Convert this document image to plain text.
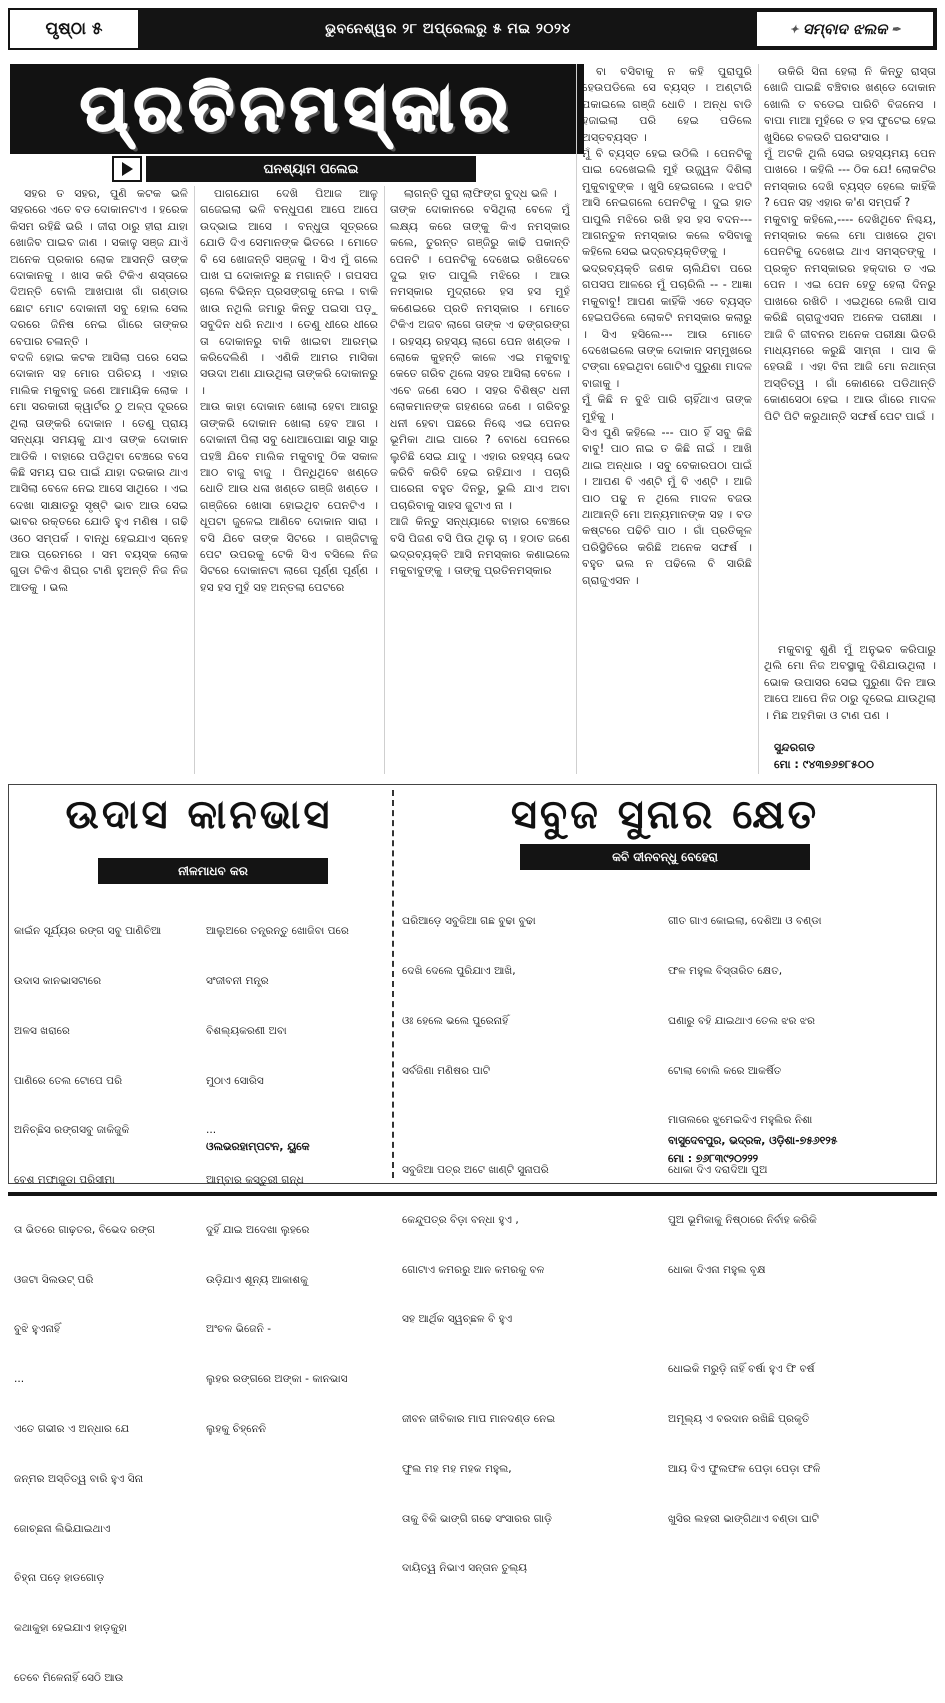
ପୃଷ୍ଠା ୫	ଭୁବନେଶ୍ୱର ୨୮ ଅପ୍ରେଲରୁ ୫ ମଇ ୨୦୨୪	✦ ସମ୍ବାଦ ଝଲକ ✒
ପ୍ରତିନମସ୍କାର
ଘନଶ୍ୟାମ ପଲେଇ

ସହର ତ ସହର, ପୁଣି କଟକ ଭଳି ସହରରେ ଏତେ ବଡ ଦୋକାନଟାଏ । ହରେକ କିସମ ରହିଛି ଭରି । ଜୀରା ଠାରୁ ହୀରା ଯାହା ଖୋଜିବ ପାଇବ ଜାଣ । ସକାଳୁ ସଞ୍ଜ ଯାଏଁ ଅନେକ ପ୍ରକାର ଲୋକ ଆସନ୍ତି ତାଙ୍କ ଦୋକାନକୁ । ଖାସ କରି ଟିକିଏ ଶସ୍ତାରେ ଦିଅନ୍ତି ବୋଲି ଆଖପାଖ ଗାଁ ଗଣ୍ଡାର ଛୋଟ ମୋଟ ଦୋକାନୀ ସବୁ ହୋଲ ସେଲ ଦରରେ ଜିନିଷ ନେଇ ଗାଁରେ ତାଙ୍କର ବେପାର ଚଳାନ୍ତି ।
ବଦଳି ହୋଇ କଟକ ଆସିଲା ପରେ ସେଇ ଦୋକାନ ସହ ମୋର ପରିଚୟ । ଏହାର ମାଲିକ ମକୁବାବୁ ଜଣେ ଆମାୟିକ ଲୋକ । ମୋ ସରକାରୀ କ୍ୱାର୍ଟର ଠୁ ଅଳ୍ପ ଦୂରରେ ଥିଲା ତାଙ୍କରି ଦୋକାନ । ତେଣୁ ପ୍ରାୟ ସନ୍ଧ୍ୟା ସମୟକୁ ଯାଏ ତାଙ୍କ ଦୋକାନ ଆଡିକି । ବାହାରେ ପଡିଥିବା ବେଞ୍ଚରେ ବସେ କିଛି ସମୟ ଘର ପାଇଁ ଯାହା ଦରକାର ଥାଏ ଆସିଲା ବେଳେ ନେଇ ଆସେ ସାଥିରେ । ଏଇ ଦେଖା ସାକ୍ଷାତରୁ ସୃଷ୍ଟି ଭାବ ଆଉ ସେଇ ଭାବର ରକ୍ତରେ ଯୋଡି ହୁଏ ମଣିଷ । ଗଢି ଓଠେ ସମ୍ପର୍କ । ବାନ୍ଧି ହେଇଯାଏ ସ୍ନେହ ଆଉ ପ୍ରେମରେ । ସମ ବୟସ୍କ ଲୋକ ଗୁଡା ଟିକିଏ ଶିଘ୍ର ଟାଣି ହୁଅନ୍ତି ନିଜ ନିଜ ଆଡକୁ । ଭଲ

ପାଗଯୋଗ ଦେଖି ପିଆଜ ଆଳୁ ଗଜେଇଲା ଭଳି ବନ୍ଧୁପଣ ଆପେ ଆପେ ଉଦ୍ଭାଇ ଆସେ । ବନ୍ଧୁତା ସୂତ୍ରରେ ଯୋଡି ଦିଏ ସେମାନଙ୍କ ଭିତରେ । ମୋତେ ବି ସେ ଖୋଜନ୍ତି ସଞ୍ଜକୁ । ସିଏ ମୁଁ ଗଲେ ପାଖ ଘ ଦୋକାନରୁ ଛ ମଗାନ୍ତି । ଗପସପ ଚାଲେ ବିଭିନ୍ନ ପ୍ରସଙ୍ଗକୁ ନେଇ । ବାକି ଖାଉ ନଥିଲି ଜମାରୁ କିନ୍ତୁ ପଇସା ପଡ଼ୁ ସବୁଦିନ ଧରି ନଥାଏ । ତେଣୁ ଧୀରେ ଧୀରେ ତା ଦୋକାନରୁ ବାକି ଖାଇବା ଆରମ୍ଭ କରିଦେଲିଣି । ଏଣିକି ଆମର ମାସିକା ସଉଦା ଅଣା ଯାଉଥିଲା ତାଙ୍କରି ଦୋକାନରୁ ।
ଆଉ କାହା ଦୋକାନ ଖୋଲା ହେବା ଆଗରୁ ତାଙ୍କରି ଦୋକାନ ଖୋଲା ହେବ ଆଗ । ଦୋକାନୀ ପିଲା ସବୁ ଧୋଆପୋଛା ସାରୁ ସାରୁ ପହଞ୍ଚି ଯିବେ ମାଲିକ ମକୁବାବୁ ଠିକ ସକାଳ ଆଠ ବାଜୁ ବାଜୁ । ପିନ୍ଧିଥିବେ ଖଣ୍ଡେ ଧୋତି ଆଉ ଧଳା ଖଣ୍ଡେ ଗଞ୍ଜି ଖଣ୍ଡେ । ଗଞ୍ଜିରେ ଖୋସା ହୋଇଥିବ ପେନଟିଏ । ଧୂପଟା ଜୁଳେଇ ଆଣିବେ ଦୋକାନ ସାରା । ବସି ଯିବେ ତାଙ୍କ ସିଟରେ । ଗଞ୍ଜିଟାକୁ ପେଟ ଉପରକୁ ଟେକି ସିଏ ବସିଲେ ନିଜ ସିଟରେ ଦୋକାନଟା ଲାଗେ ପୂର୍ଣ୍ଣ ପୂର୍ଣ୍ଣ । ହସ ହସ ମୁହଁ ସହ ଅନ୍ତଲା ପେଟରେ

ଲାଗନ୍ତି ପୁରା ଲାଫିଙ୍ଗ ବୁଦ୍ଧ ଭଳି ।
ତାଙ୍କ ଦୋକାନରେ ବସିଥିଲା ବେଳେ ମୁଁ ଲକ୍ଷ୍ୟ କରେ ତାଙ୍କୁ କିଏ ନମସ୍କାର କଲେ, ତୁରନ୍ତ ଗଞ୍ଜିରୁ କାଢି ପକାନ୍ତି ପେନଟି । ପେନଟିକୁ ଦେଖେଇ ରଖିଦେବେ ଦୁଇ ହାତ ପାପୁଲି ମଝିରେ । ଆଉ ନମସ୍କାର ମୁଦ୍ରାରେ ହସ ହସ ମୁହଁ କଣେଇରେ ପ୍ରତି ନମସ୍କାର । ମୋତେ ଟିକିଏ ଅଜବ ଲାଗେ ତାଙ୍କ ଏ ଢଙ୍ଗରଙ୍ଗ । ରହସ୍ୟ ରହସ୍ୟ ଲାଗେ ପେନ ଖଣ୍ଡକ । ଲୋକେ କୁହନ୍ତି କାଳେ ଏଇ ମକୁବାବୁ କେତେ ଗରିବ ଥିଲେ ସହର ଆସିଲା ବେଳେ । ଏବେ ଜଣେ ସେଠ । ସହର ବିଶିଷ୍ଟ ଧନୀ ଲୋକମାନଙ୍କ ଗହଣରେ ଜଣେ । ଗରିବରୁ ଧନୀ ହେବା ପଛରେ ନିଶ୍ଚେ ଏଇ ପେନର ଭୂମିକା ଥାଇ ପାରେ ? ବୋଧେ ପେନରେ ଲୁଚିଛି ସେଇ ଯାଦୁ । ଏହାର ରହସ୍ୟ ଭେଦ କରିବି କରିବି ହେଇ ରହିଯାଏ । ପଚାରି ପାରେନା ବହୁତ ଦିନରୁ, ଭୁଲି ଯାଏ ଅବା ପଚାରିବାକୁ ସାହସ ଜୁଟାଏ ନା ।
ଆଜି କିନ୍ତୁ ସନ୍ଧ୍ୟାରେ ବାହାର ବେଞ୍ଚରେ ବସି ପିଜଣ ବସି ପିଉ ଥିଲୁ ଚା । ହଠାତ ଜଣେ ଭଦ୍ରବ୍ୟକ୍ତି ଆସି ନମସ୍କାର କଣାଇଲେ ମକୁବାବୁଙ୍କୁ । ତାଙ୍କୁ ପ୍ରତିନମସ୍କାର

ବା ବସିବାକୁ ନ କହି ପୁରାପୁରି ହେଉପଡିଲେ ସେ ବ୍ୟସ୍ତ । ଅଣ୍ଟାରି ପକାଇଲେ ଗଞ୍ଜି ଧୋତି । ଅନ୍ଧ ବାଡି ହଜାଇଲା ପରି ହେଇ ପଡିଲେ ଅସ୍ତବ୍ୟସ୍ତ ।
ମୁଁ ବି ବ୍ୟସ୍ତ ହେଇ ଉଠିଲି । ପେନଟିକୁ ପାଇ ଦେଖେଇଲି ମୁହଁ ଉଜ୍ଜ୍ୱଳ ଦିଶିଲା ମୁକୁବାବୁଙ୍କ । ଖୁସି ହେଇଗଲେ । ଝପଟି ଆସି ନେଇଗଲେ ପେନଟିକୁ । ଦୁଇ ହାତ ପାପୁଲି ମଝିରେ ରଖି ହସ ହସ ବଦନ--- ଆଗନ୍ତୁକ ନମସ୍କାର କଲେ ବସିବାକୁ କହିଲେ ସେଇ ଭଦ୍ରବ୍ୟକ୍ତିଙ୍କୁ ।
ଭଦ୍ରବ୍ୟକ୍ତି ଜଣକ ଚାଲିଯିବା ପରେ ଗପସପ ଆଳରେ ମୁଁ ପଚାରିଲି -- - ଆଜ୍ଞା ମକୁବାବୁ! ଆପଣ କାହିଁକି ଏତେ ବ୍ୟସ୍ତ ହେଇପଡିଲେ ଲୋକଟି ନମସ୍କାର କଲାରୁ । ସିଏ ହସିଲେ--- ଆଉ ମୋତେ ଦେଖେଇଲେ ତାଙ୍କ ଦୋକାନ ସମ୍ମୁଖରେ ଟଙ୍ଗା ହେଇଥିବା ଗୋଟିଏ ପୁରୁଣା ମାଦଳ ବାଜାକୁ ।
ମୁଁ କିଛି ନ ବୁଝି ପାରି ଚାହିଁଥାଏ ତାଙ୍କ ମୁହଁକୁ ।
ସିଏ ପୁଣି କହିଲେ --- ପାଠ ହିଁ ସବୁ କିଛି ବାବୁ! ପାଠ ନାଇ ତ କିଛି ନାଇଁ । ଆଖି ଥାଇ ଅନ୍ଧାର । ସବୁ ବେକାରପଠା ପାଇଁ । ଆପଣ ବି ଏଣ୍ଟି ମୁଁ ବି ଏଣ୍ଟି । ଆଜି ପାଠ ପଢୁ ନ ଥିଲେ ମାଦଳ ବଜଉ ଥାଆନ୍ତି ମୋ ଅନ୍ୟମାନଙ୍କ ସହ । ବଡ କଷ୍ଟରେ ପଢିଚି ପାଠ । ଗାଁ ପ୍ରତିକୂଳ ପରିସ୍ଥିତିରେ କରିଛି ଅନେକ ସଙ୍ଘର୍ଷ । ବହୁତ ଭଲ ନ ପଢିଲେ ବି ସାରିଛି ଗ୍ରାଜୁଏସନ ।

ଉକିରି ସିନା ହେଲା ନି କିନ୍ତୁ ରାସ୍ତା ଖୋଜି ପାଇଛି ବଞ୍ଚିବାର ଖଣ୍ଡେ ଦୋକାନ ଖୋଲି ତ ବଡେଇ ପାରିଚି ବିଜନେସ । ବାପା ମାଆ ମୁହଁରେ ତ ହସ ଫୁଟେଇ ହେଇ ଖୁସିରେ ଚଳଉଚି ଘରସଂସାର ।
ମୁଁ ଅଟକି ଥିଲି ସେଇ ରହସ୍ୟମୟ ପେନ ପାଖରେ । କହିଲି --- ଠିକ ଯେ! ଲୋକଟିର ନମସ୍କାର ଦେଖି ବ୍ୟସ୍ତ ହେଲେ କାହିଁକି ? ପେନ ସହ ଏହାର କ'ଣ ସମ୍ପର୍କ ?
ମକୁବାବୁ କହିଲେ,---- ଦେଖିଥିବେ ନିଶ୍ଚୟ, ନମସ୍କାର କଲେ ମୋ ପାଖରେ ଥିବା ପେନଟିକୁ ଦେଖେଇ ଥାଏ ସମସ୍ତଙ୍କୁ । ପ୍ରକୃତ ନମସ୍କାରର ହକ୍‌ଦାର ତ ଏଇ ପେନ । ଏଇ ପେନ ହେତୁ ହେଲା ଦିନରୁ ପାଖରେ ରଖିଚି । ଏଇଥିରେ ଲେଖି ପାସ କରିଛି ଗ୍ରାଜୁଏସନ ଅନେକ ପରୀକ୍ଷା । ଆଜି ବି ଜୀବନର ଅନେକ ପରୀକ୍ଷା ଭିତରି ମାଧ୍ୟମରେ କରୁଛି ସାମ୍ନା । ପାସ କି ହେଉଛି । ଏହା ବିନା ଆଜି ମୋ ନଥାନ୍ତା ଅସ୍ତିତ୍ୱ । ଗାଁ କୋଣରେ ପଡିଥାନ୍ତି କୋଣସେଠା ହେଇ । ଆଉ ଗାଁରେ ମାଦଳ ପିଟି ପିଟି କରୁଥାନ୍ତି ସଙ୍ଘର୍ଷ ପେଟ ପାଇଁ ।

ମକୁବାବୁ ଶୁଣି ମୁଁ ଅନୁଭବ କରିପାରୁ ଥିଲି ମୋ ନିଜ ଅବସ୍ଥାକୁ ଦିଶିଯାଉଥିଲା । ଭୋକ ଉପାସର ସେଇ ପୁରୁଣା ଦିନ ଆଉ ଆପେ ଆପେ ନିଜ ଠାରୁ ଦୂରେଇ ଯାଉଥିଲା । ମିଛ ଅହମିକା ଓ ଟାଣ ପଣ ।

ସୁନ୍ଦରଗଡ
ମୋ : ୯୪୩୭୬୭୮୫୦୦
ଉଦାସ କାନଭାସ
ନୀଳମାଧବ କର

କାଇଁନ ସୂର୍ଯ୍ୟର ରଙ୍ଗ ସବୁ ପାଣିଚିଆ

ଉଦାସ କାନଭାସଟାରେ

ଅଳସ ଖରାରେ

ପାଣିରେ ତେଲ ଟୋପେ ପରି

ଅନିଚ୍ଛିସ ରଙ୍ଗସବୁ ଜାକିଜୁକି

ବେଶ ମଫାଜୁଡା ପରିସୀମା

ତା ଭିତରେ ଗାଢ଼ତର, ବିଭେଦ ରଙ୍ଗ

ଓଜଟା ସିଲଉଟ୍ ପରି

ବୁଝି ହୁଏନାହିଁ

...

ଏତେ ଗଭୀର ଏ ଅନ୍ଧାର ଯେ

ଜନ୍ମର ଅସ୍ତିତ୍ୱ ବାରି ହୁଏ ସିନା

ଜୋଚ୍ଛନା ଲିଭିଯାଇଥାଏ

ଚିହ୍ନା ପଡ଼େ ହାଡଗୋଡ଼

କଥାକୁହା ହେଇଯାଏ ହାଡ଼କୁହା

ତେବେ ମିଳେନାହିଁ ସେଠି ଆଉ

ଆଲୁଅରେ ତନ୍ତ୍ରନ୍ତୁ ଖୋଜିବା ପରେ

ସଂଜୀବନୀ ମନ୍ତ୍ର

ବିଶଲ୍ୟକରଣୀ ଅବା

ମୁଠାଏ ସୋରିସ

...

ଆମ୍ବାର କସ୍ତୁରୀ ଗନ୍ଧ

ଦୁହିଁ ଯାଇ ଅଦେଖା ଲୁହରେ

ଉଡ଼ିଯାଏ ଶୂନ୍ୟ ଆକାଶକୁ

ଅଂଚଳ ଭିଜେନି -

ଲୁହର ରଙ୍ଗରେ ଅଙ୍କା - କାନଭାସ

ଲୁହକୁ ଚିହ୍ନେନି

ଓଲଭରହାମ୍ପଟନ, ୟୁକେ
ସବୁଜ ସୁନାର କ୍ଷେତ
କବି ଦୀନବନ୍ଧୁ ବେହେରା

ଘରିଆଡ଼େ ସବୁଜିଆ ଗଛ ବୁଢା ବୁଢା

ଦେଖି ଦେଲେ ପୁରିଯାଏ ଆଖି,

ଓଃ ହେଲେ ଭଲେ ପୁରେନାହିଁ

ସର୍ବଜିଣା ମଣିଷର ପାଟି

ସବୁଜିଆ ପତ୍ର ଅଟେ ଖାଣ୍ଟି ସୁନାପରି

କେନ୍ଦୁପତ୍ର ବିଡ଼ା ବନ୍ଧା ହୁଏ ,

ଗୋଟାଏ କମରରୁ ଆନ କମରକୁ ବଳ

ସହ ଆର୍ଥିକ ସ୍ୱଚ୍ଛଳ ବି ହୁଏ

ଜୀବନ ଜୀବିକାର ମାପ ମାନଦଣ୍ଡ ନେଇ

ଫୁଲ ମହ ମହ ମହକ ମହୁଲ,

ତାକୁ ବିକି ଭାଙ୍ଗି ଗଢେ ସଂସାରର ଗାଡ଼ି

ଦାୟିତ୍ୱ ନିଭାଏ ସନ୍ତାନ ତୁଲ୍ୟ

ଗୀତ ଗାଏ କୋଇଲା, ଦେଶିଆ ଓ ବଣ୍ଡା

ଫଳ ମହୁଲ ବିସ୍ତାରିତ କ୍ଷେତ,

ଘଣାରୁ ବହି ଯାଇଥାଏ ତେଲ ଝର ଝର

ଟୋଲା ବୋଲି କରେ ଆକର୍ଷିତ

ମାତାଲରେ ଝୁମେଇଦିଏ ମହୁଲିର ନିଶା

ଧୋକା ଦିଏ ଦରାଦିଆ ପୁଅ

ପୁଅ ଭୂମିକାକୁ ନିଷ୍ଠାରେ ନିର୍ବାହ କରିକି

ଧୋକା ଦିଏନା ମହୁଲ ବୃକ୍ଷ

ଧୋଇକି ମରୁଡ଼ି ନାହିଁ ବର୍ଷା ହୁଏ ଫି ବର୍ଷ

ଅମୂଲ୍ୟ ଏ ବରଦାନ ରଖିଛି ପ୍ରକୃତି

ଆୟ ଦିଏ ଫୁଲଫଳ ପେଡ଼ା ପେଡ଼ା ଫଳି

ଖୁସିର ଲହରୀ ଭାଙ୍ଗିଥାଏ ବଣ୍ଡା ଘାଟି

ବାସୁଦେବପୁର, ଭଦ୍ରକ, ଓଡ଼ିଶା-୭୫୬୧୨୫
ମୋ : ୭୬୮୩୯୨୦୨୨୨
